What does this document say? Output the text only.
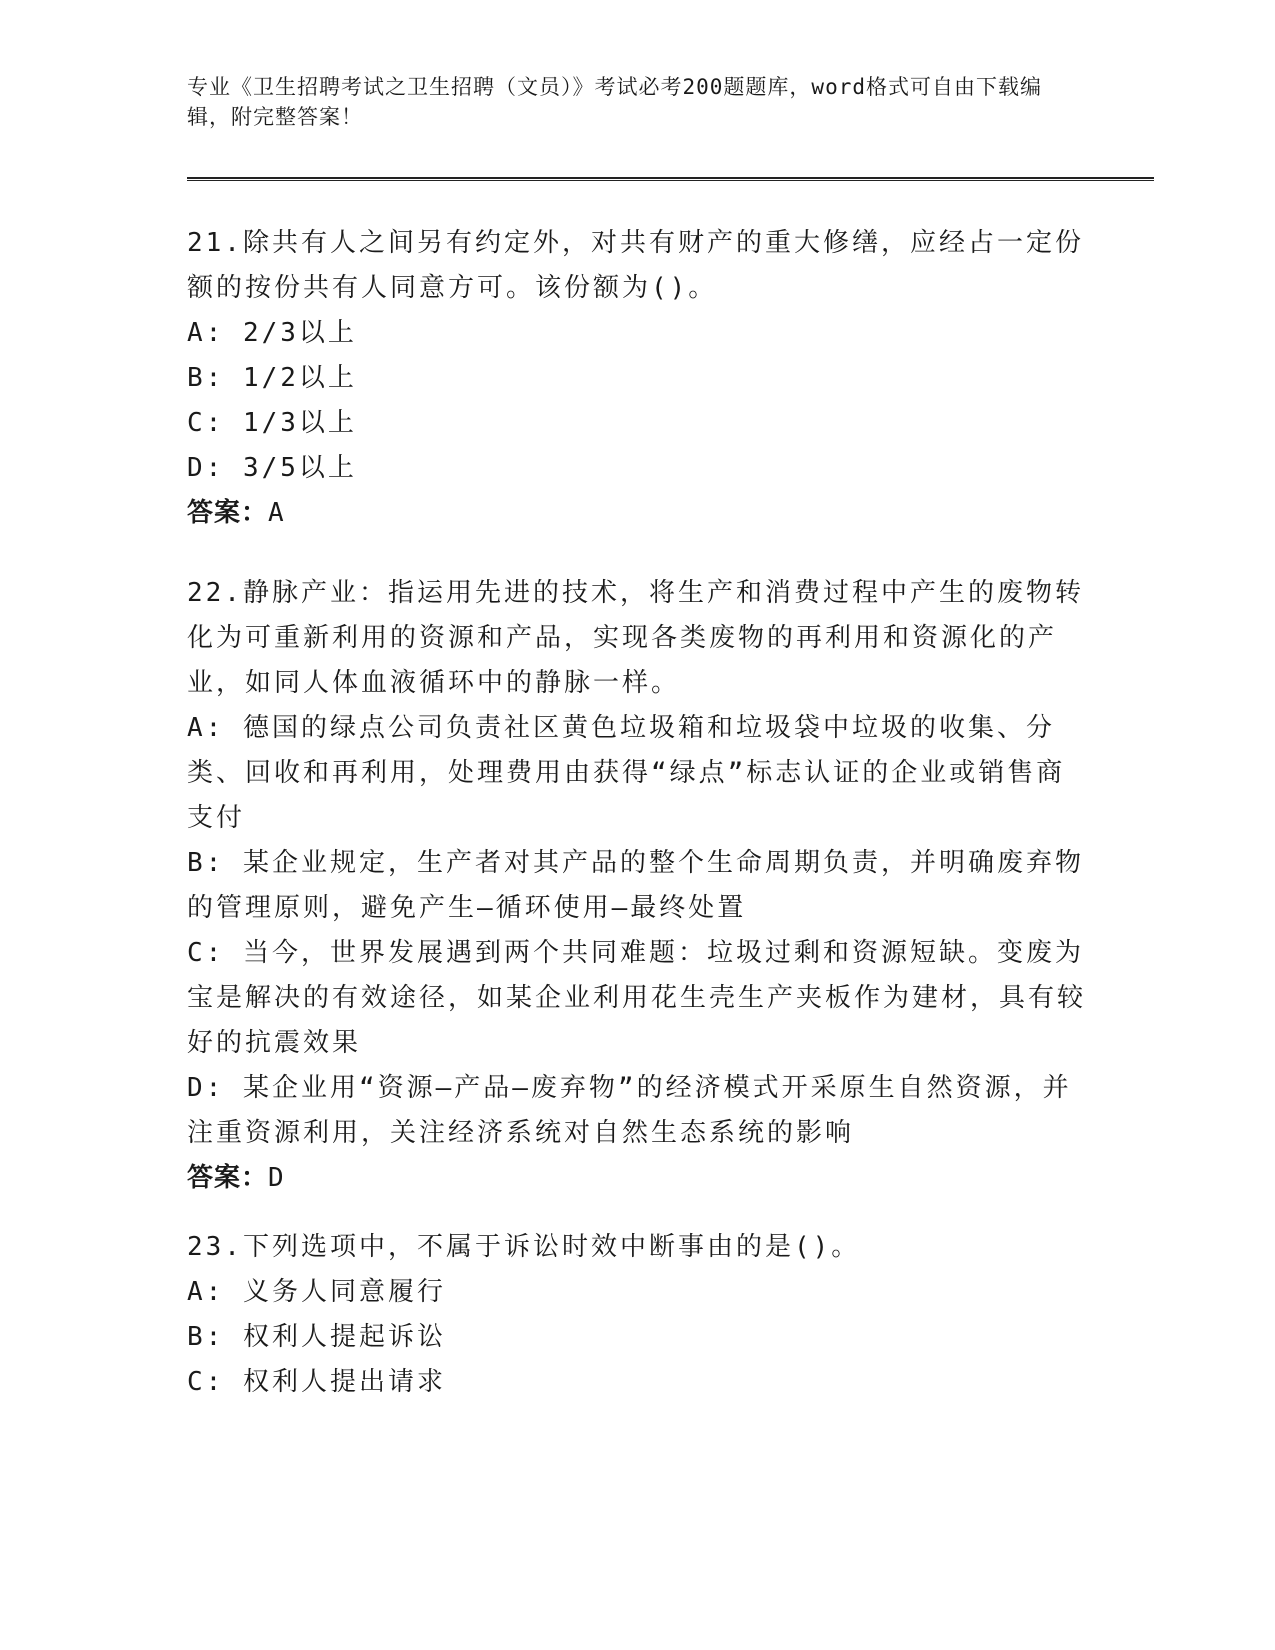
专业《卫生招聘考试之卫生招聘（文员）》考试必考200题题库，word格式可自由下载编辑，附完整答案！

21.除共有人之间另有约定外，对共有财产的重大修缮，应经占一定份额的按份共有人同意方可。该份额为()。

A: 2/3以上

B: 1/2以上

C: 1/3以上

D: 3/5以上

答案：A

22.静脉产业：指运用先进的技术，将生产和消费过程中产生的废物转化为可重新利用的资源和产品，实现各类废物的再利用和资源化的产业，如同人体血液循环中的静脉一样。

A: 德国的绿点公司负责社区黄色垃圾箱和垃圾袋中垃圾的收集、分类、回收和再利用，处理费用由获得“绿点”标志认证的企业或销售商支付

B: 某企业规定，生产者对其产品的整个生命周期负责，并明确废弃物的管理原则，避免产生—循环使用—最终处置

C: 当今，世界发展遇到两个共同难题：垃圾过剩和资源短缺。变废为宝是解决的有效途径，如某企业利用花生壳生产夹板作为建材，具有较好的抗震效果

D: 某企业用“资源—产品—废弃物”的经济模式开采原生自然资源，并注重资源利用，关注经济系统对自然生态系统的影响

答案：D

23.下列选项中，不属于诉讼时效中断事由的是()。

A: 义务人同意履行

B: 权利人提起诉讼

C: 权利人提出请求
